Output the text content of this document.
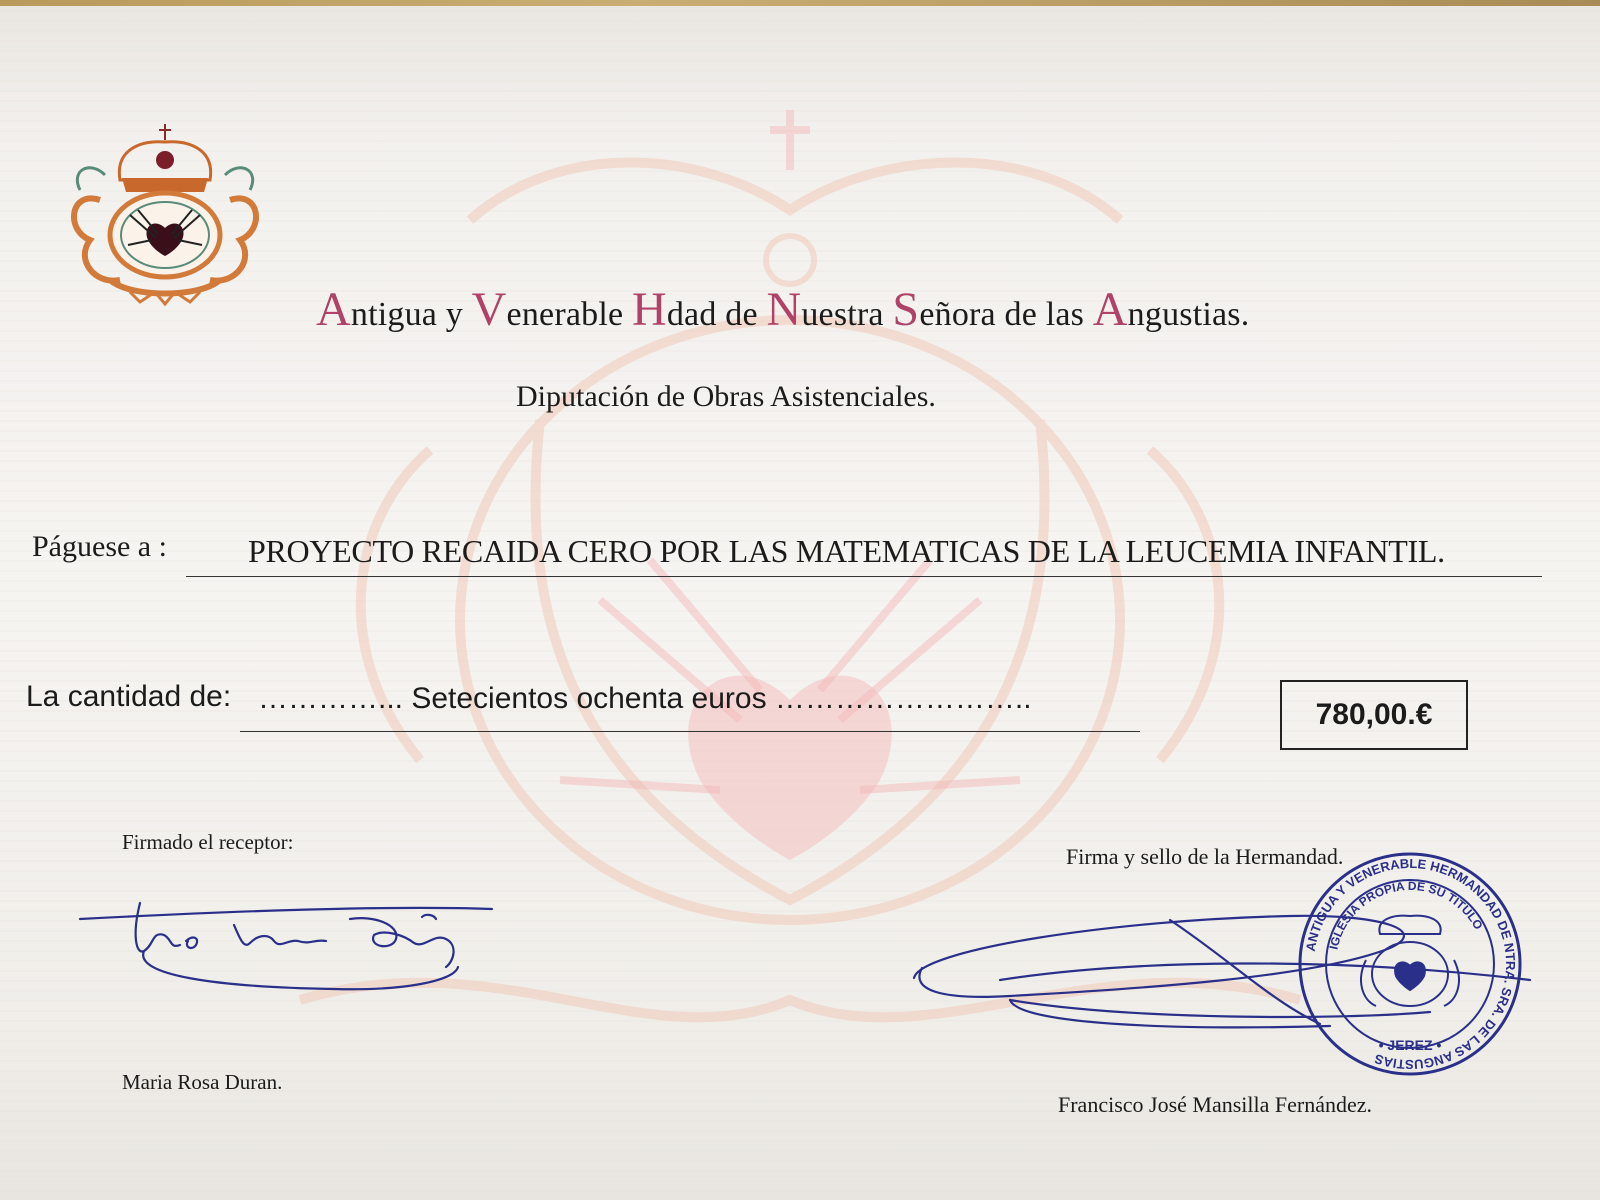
Antigua y Venerable Hdad de Nuestra Señora de las Angustias.
Diputación de Obras Asistenciales.
Páguese a :	PROYECTO RECAIDA CERO POR LAS MATEMATICAS DE LA LEUCEMIA INFANTIL.
La cantidad de: …………... Setecientos ochenta euros ……………………..	780,00.€
Firmado el receptor:
Maria Rosa Duran.
Firma y sello de la Hermandad.
ANTIGUA Y VENERABLE HERMANDAD DE NTRA. SRA. DE LAS ANGUSTIAS
IGLESIA PROPIA DE SU TITULO
• JEREZ •
Francisco José Mansilla Fernández.
